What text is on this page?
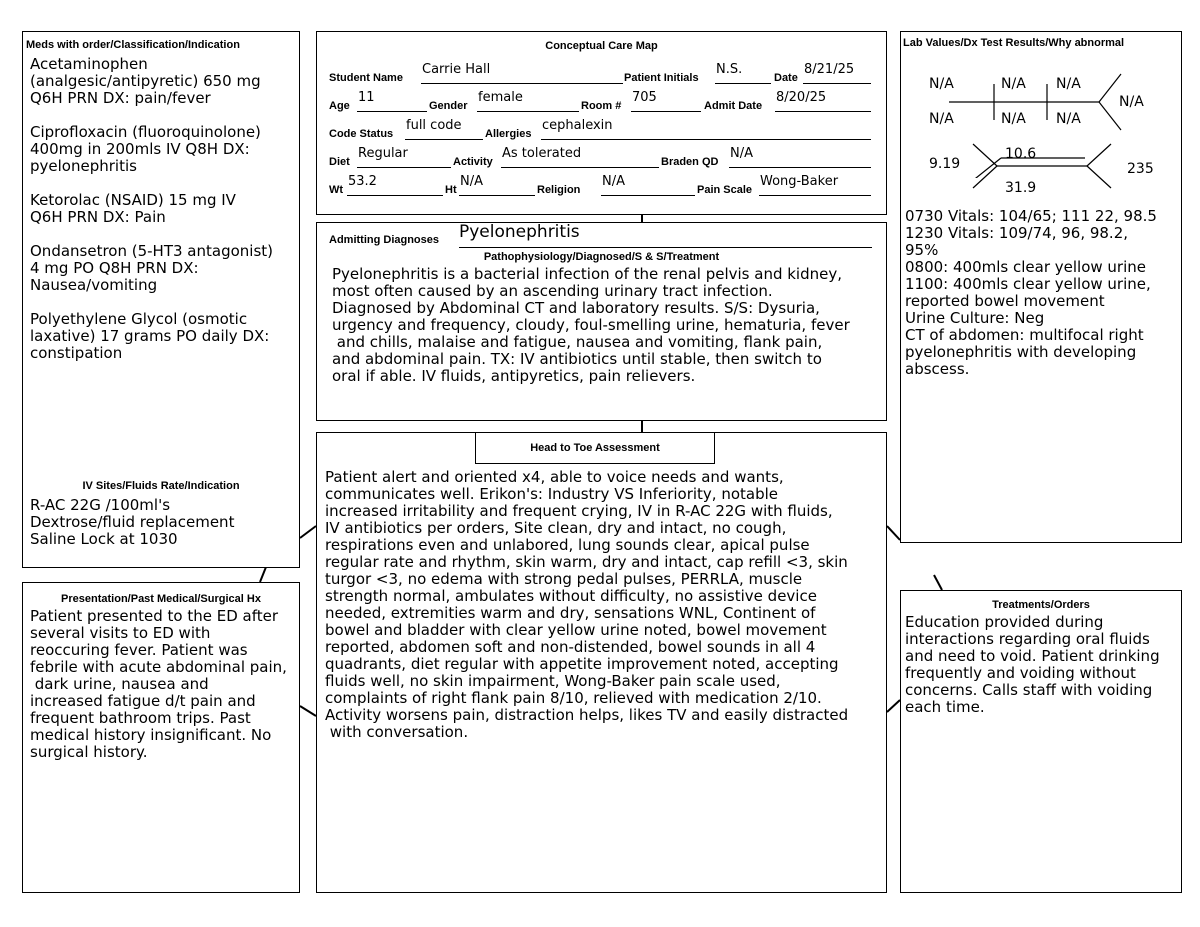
Meds with order/Classification/Indication
Acetaminophen
(analgesic/antipyretic) 650 mg
Q6H PRN DX: pain/fever

Ciprofloxacin (fluoroquinolone)
400mg in 200mls IV Q8H DX:
pyelonephritis

Ketorolac (NSAID) 15 mg IV
Q6H PRN DX: Pain

Ondansetron (5-HT3 antagonist)
4 mg PO Q8H PRN DX:
Nausea/vomiting

Polyethylene Glycol (osmotic
laxative) 17 grams PO daily DX:
constipation
IV Sites/Fluids Rate/Indication
R-AC 22G /100ml's
Dextrose/fluid replacement
Saline Lock at 1030
Presentation/Past Medical/Surgical Hx
Patient presented to the ED after
several visits to ED with
reoccuring fever. Patient was
febrile with acute abdominal pain,
dark urine, nausea and
increased fatigue d/t pain and
frequent bathroom trips. Past
medical history insignificant. No
surgical history.
Conceptual Care Map
Student Name
Carrie Hall
Patient Initials
N.S.
Date
8/21/25
Age
11
Gender
female
Room #
705
Admit Date
8/20/25
Code Status
full code
Allergies
cephalexin
Diet
Regular
Activity
As tolerated
Braden QD
N/A
Wt
53.2
Ht
N/A
Religion
N/A
Pain Scale
Wong-Baker
Admitting Diagnoses Pyelonephritis
Pathophysiology/Diagnosed/S & S/Treatment
Pyelonephritis is a bacterial infection of the renal pelvis and kidney,
most often caused by an ascending urinary tract infection.
Diagnosed by Abdominal CT and laboratory results. S/S: Dysuria,
urgency and frequency, cloudy, foul-smelling urine, hematuria, fever
and chills, malaise and fatigue, nausea and vomiting, flank pain,
and abdominal pain. TX: IV antibiotics until stable, then switch to
oral if able. IV fluids, antipyretics, pain relievers.
Head to Toe Assessment
Patient alert and oriented x4, able to voice needs and wants,
communicates well. Erikon's: Industry VS Inferiority, notable
increased irritability and frequent crying, IV in R-AC 22G with fluids,
IV antibiotics per orders, Site clean, dry and intact, no cough,
respirations even and unlabored, lung sounds clear, apical pulse
regular rate and rhythm, skin warm, dry and intact, cap refill <3, skin
turgor <3, no edema with strong pedal pulses, PERRLA, muscle
strength normal, ambulates without difficulty, no assistive device
needed, extremities warm and dry, sensations WNL, Continent of
bowel and bladder with clear yellow urine noted, bowel movement
reported, abdomen soft and non-distended, bowel sounds in all 4
quadrants, diet regular with appetite improvement noted, accepting
fluids well, no skin impairment, Wong-Baker pain scale used,
complaints of right flank pain 8/10, relieved with medication 2/10.
Activity worsens pain, distraction helps, likes TV and easily distracted
with conversation.
Lab Values/Dx Test Results/Why abnormal
N/A	N/A N/A
N/A
N/A	N/A N/A
9.19
10.6
31.9
235
0730 Vitals: 104/65; 111 22, 98.5
1230 Vitals: 109/74, 96, 98.2,
95%
0800: 400mls clear yellow urine
1100: 400mls clear yellow urine,
reported bowel movement
Urine Culture: Neg
CT of abdomen: multifocal right
pyelonephritis with developing
abscess.
Treatments/Orders
Education provided during
interactions regarding oral fluids
and need to void. Patient drinking
frequently and voiding without
concerns. Calls staff with voiding
each time.
